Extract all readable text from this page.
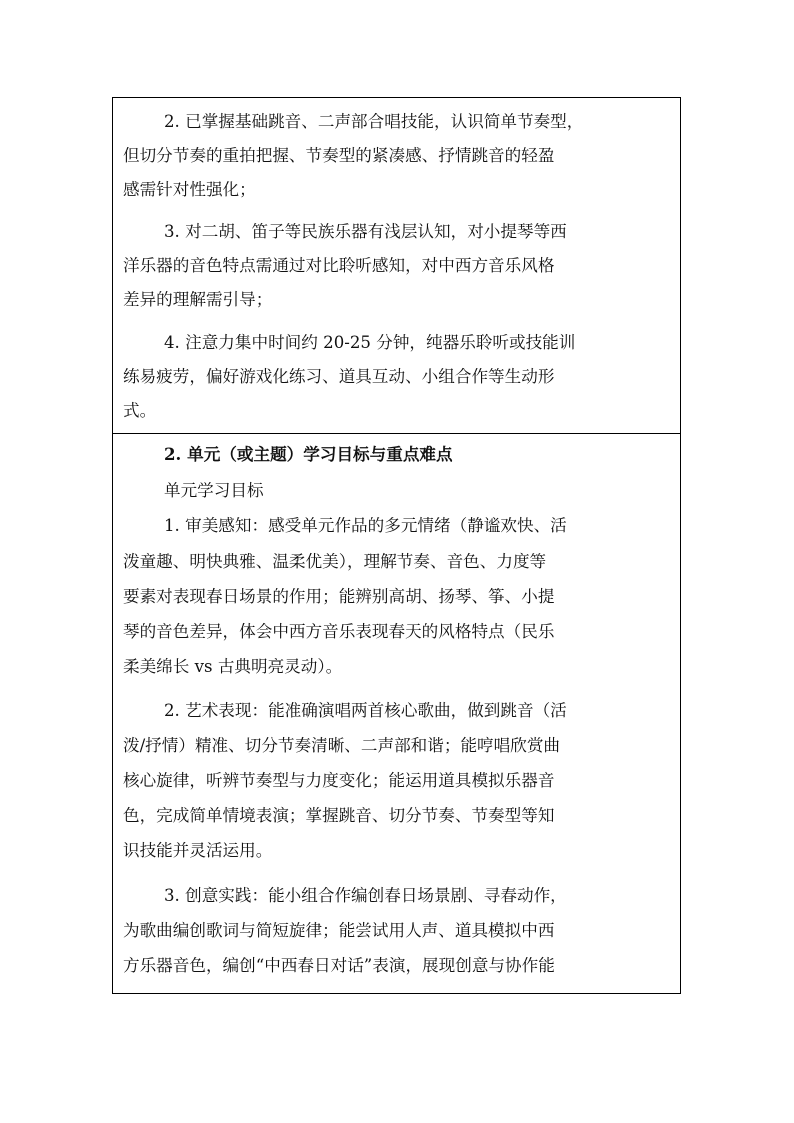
2. 已掌握基础跳音、二声部合唱技能，认识简单节奏型，
但切分节奏的重拍把握、节奏型的紧凑感、抒情跳音的轻盈
感需针对性强化；
3. 对二胡、笛子等民族乐器有浅层认知，对小提琴等西
洋乐器的音色特点需通过对比聆听感知，对中西方音乐风格
差异的理解需引导；
4. 注意力集中时间约 20-25 分钟，纯器乐聆听或技能训
练易疲劳，偏好游戏化练习、道具互动、小组合作等生动形
式。
2. 单元（或主题）学习目标与重点难点
单元学习目标
1. 审美感知：感受单元作品的多元情绪（静谧欢快、活
泼童趣、明快典雅、温柔优美），理解节奏、音色、力度等
要素对表现春日场景的作用；能辨别高胡、扬琴、筝、小提
琴的音色差异，体会中西方音乐表现春天的风格特点（民乐
柔美绵长 vs 古典明亮灵动）。
2. 艺术表现：能准确演唱两首核心歌曲，做到跳音（活
泼/抒情）精准、切分节奏清晰、二声部和谐；能哼唱欣赏曲
核心旋律，听辨节奏型与力度变化；能运用道具模拟乐器音
色，完成简单情境表演；掌握跳音、切分节奏、节奏型等知
识技能并灵活运用。
3. 创意实践：能小组合作编创春日场景剧、寻春动作，
为歌曲编创歌词与简短旋律；能尝试用人声、道具模拟中西
方乐器音色，编创“中西春日对话”表演，展现创意与协作能
